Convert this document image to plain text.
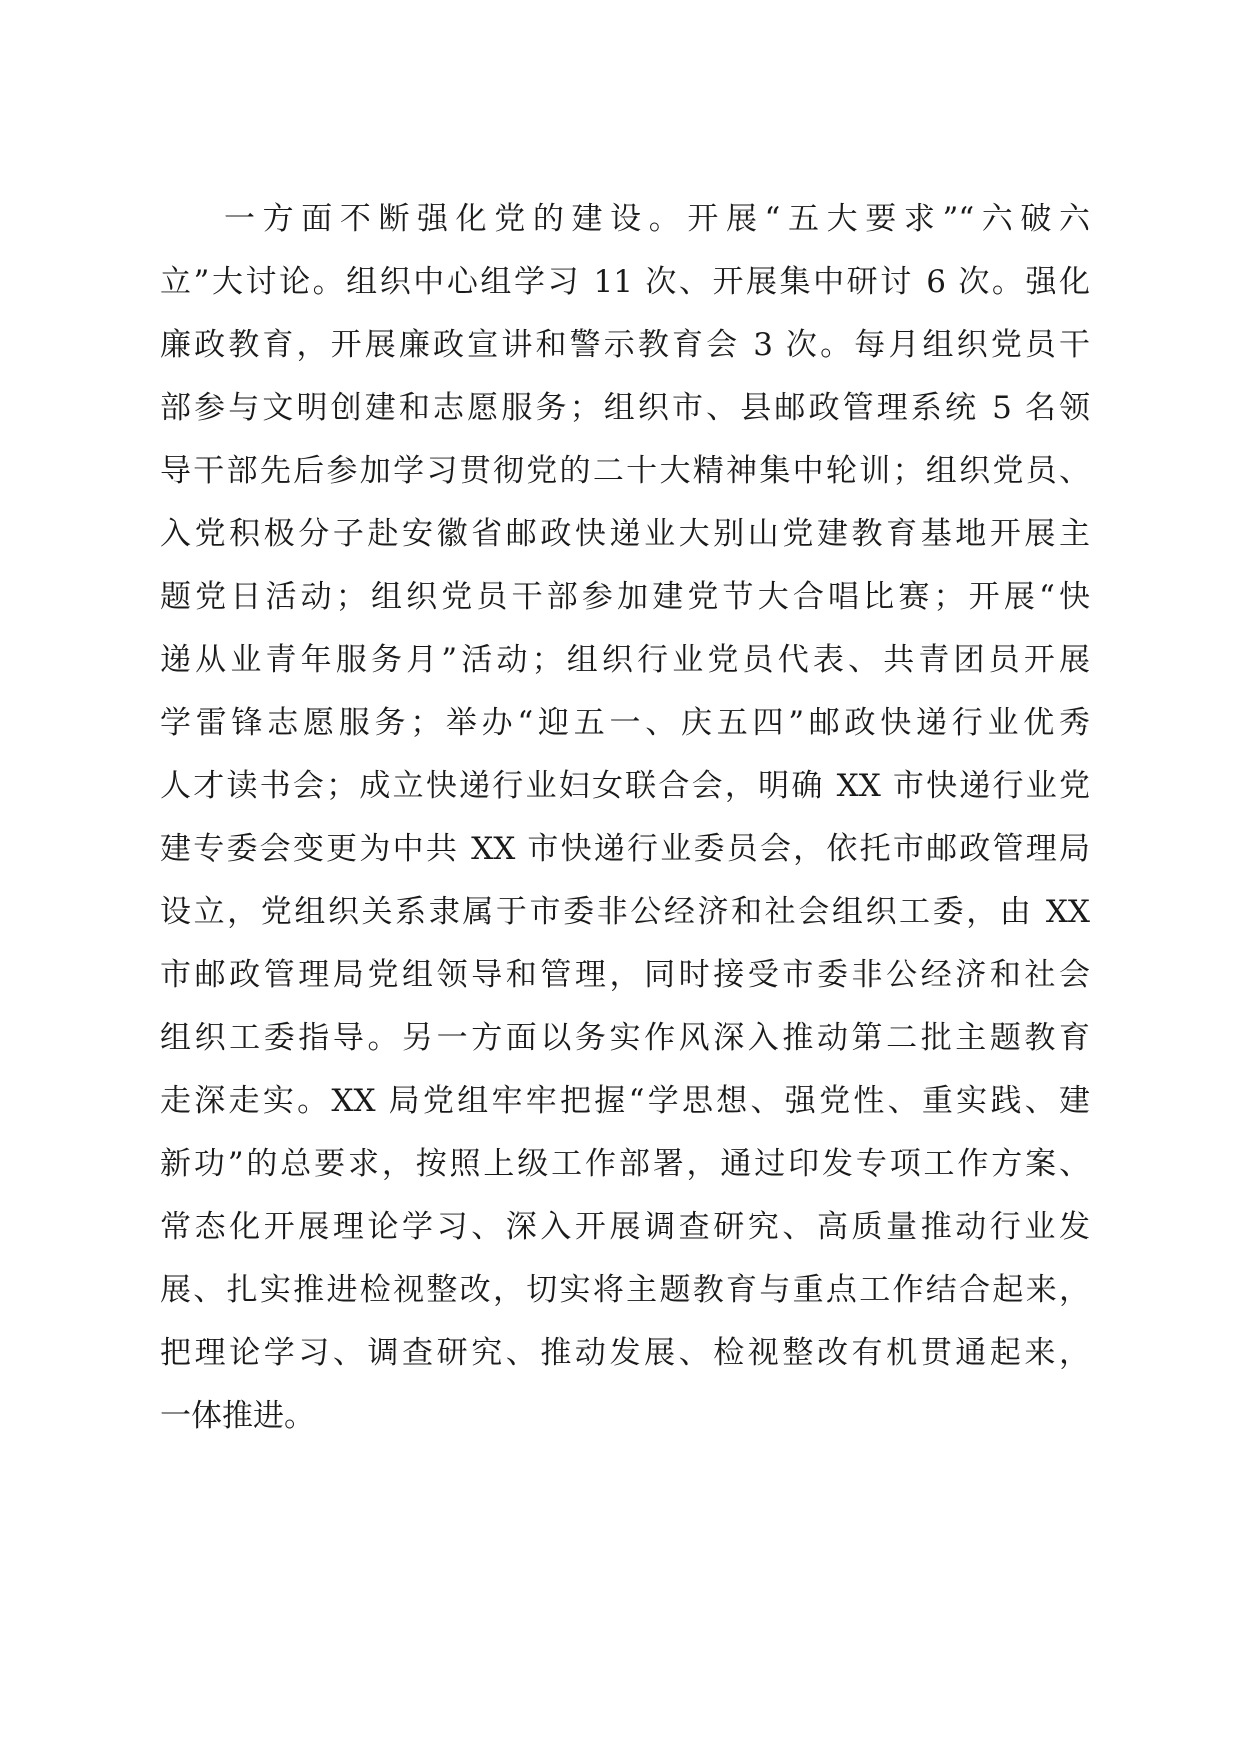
一方面不断强化党的建设。开展“五大要求”“六破六
立”大讨论。组织中心组学习 11 次、开展集中研讨 6 次。强化
廉政教育，开展廉政宣讲和警示教育会 3 次。每月组织党员干
部参与文明创建和志愿服务；组织市、县邮政管理系统 5 名领
导干部先后参加学习贯彻党的二十大精神集中轮训；组织党员、
入党积极分子赴安徽省邮政快递业大别山党建教育基地开展主
题党日活动；组织党员干部参加建党节大合唱比赛；开展“快
递从业青年服务月”活动；组织行业党员代表、共青团员开展
学雷锋志愿服务；举办“迎五一、庆五四”邮政快递行业优秀
人才读书会；成立快递行业妇女联合会，明确 XX 市快递行业党
建专委会变更为中共 XX 市快递行业委员会，依托市邮政管理局
设立，党组织关系隶属于市委非公经济和社会组织工委，由 XX
市邮政管理局党组领导和管理，同时接受市委非公经济和社会
组织工委指导。另一方面以务实作风深入推动第二批主题教育
走深走实。XX 局党组牢牢把握“学思想、强党性、重实践、建
新功”的总要求，按照上级工作部署，通过印发专项工作方案、
常态化开展理论学习、深入开展调查研究、高质量推动行业发
展、扎实推进检视整改，切实将主题教育与重点工作结合起来，
把理论学习、调查研究、推动发展、检视整改有机贯通起来，
一体推进。
